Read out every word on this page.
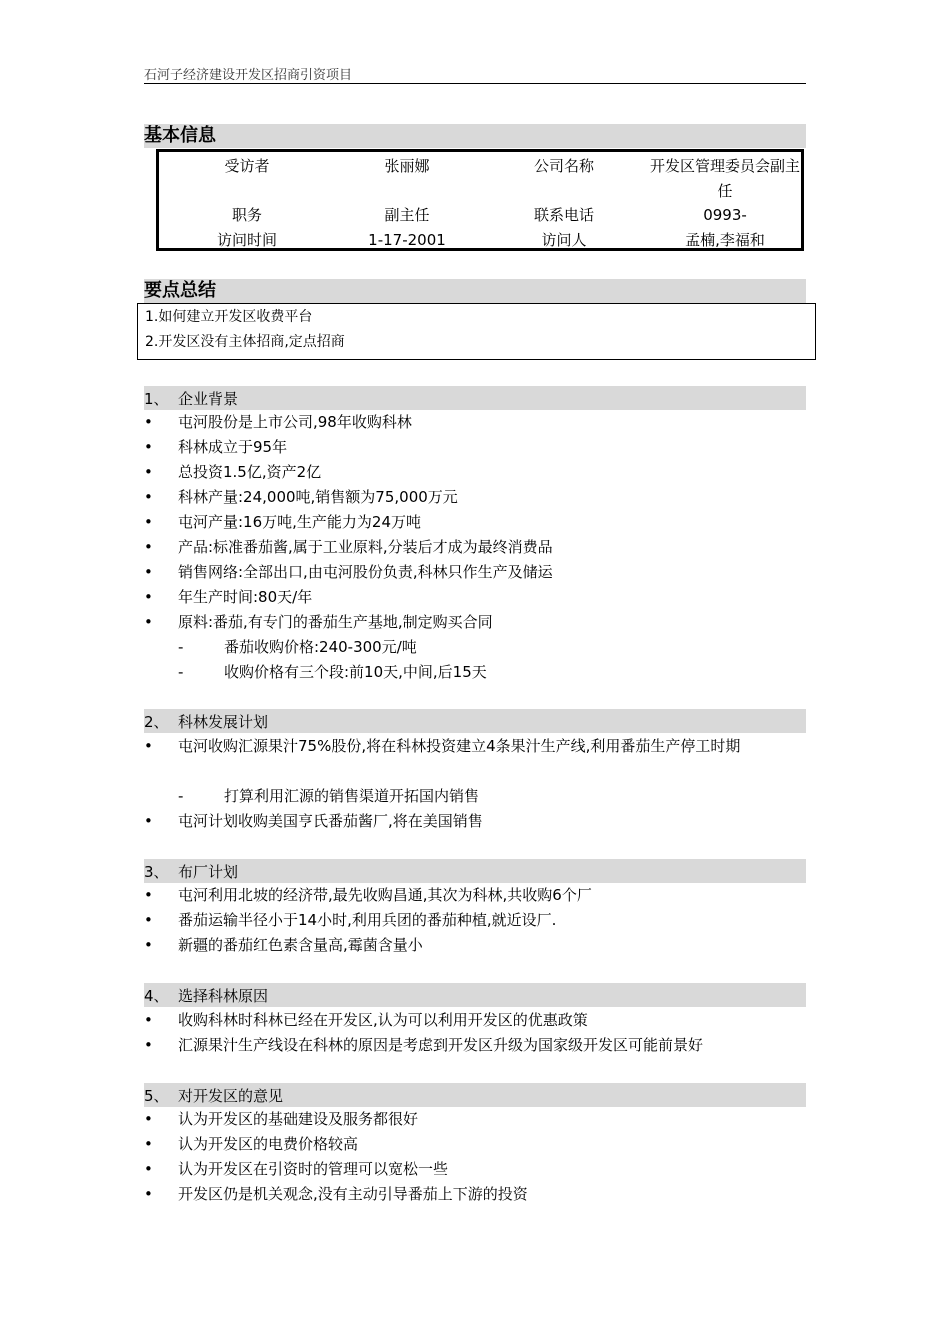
石河子经济建设开发区招商引资项目
基本信息
受访者	张丽娜	公司名称	开发区管理委员会副主任
职务	副主任	联系电话	0993-
访问时间	1-17-2001	访问人	孟楠,李福和
要点总结
1.如何建立开发区收费平台
2.开发区没有主体招商,定点招商
1、 企业背景
• 屯河股份是上市公司,98年收购科林
• 科林成立于95年
• 总投资1.5亿,资产2亿
• 科林产量:24,000吨,销售额为75,000万元
• 屯河产量:16万吨,生产能力为24万吨
• 产品:标准番茄酱,属于工业原料,分装后才成为最终消费品
• 销售网络:全部出口,由屯河股份负责,科林只作生产及储运
• 年生产时间:80天/年
• 原料:番茄,有专门的番茄生产基地,制定购买合同
-	番茄收购价格:240-300元/吨
-	收购价格有三个段:前10天,中间,后15天
2、 科林发展计划
• 屯河收购汇源果汁75%股份,将在科林投资建立4条果汁生产线,利用番茄生产停工时期
-	打算利用汇源的销售渠道开拓国内销售
• 屯河计划收购美国亨氏番茄酱厂,将在美国销售
3、 布厂计划
• 屯河利用北坡的经济带,最先收购昌通,其次为科林,共收购6个厂
• 番茄运输半径小于14小时,利用兵团的番茄种植,就近设厂.
• 新疆的番茄红色素含量高,霉菌含量小
4、 选择科林原因
• 收购科林时科林已经在开发区,认为可以利用开发区的优惠政策
• 汇源果汁生产线设在科林的原因是考虑到开发区升级为国家级开发区可能前景好
5、 对开发区的意见
• 认为开发区的基础建设及服务都很好
• 认为开发区的电费价格较高
• 认为开发区在引资时的管理可以宽松一些
• 开发区仍是机关观念,没有主动引导番茄上下游的投资
